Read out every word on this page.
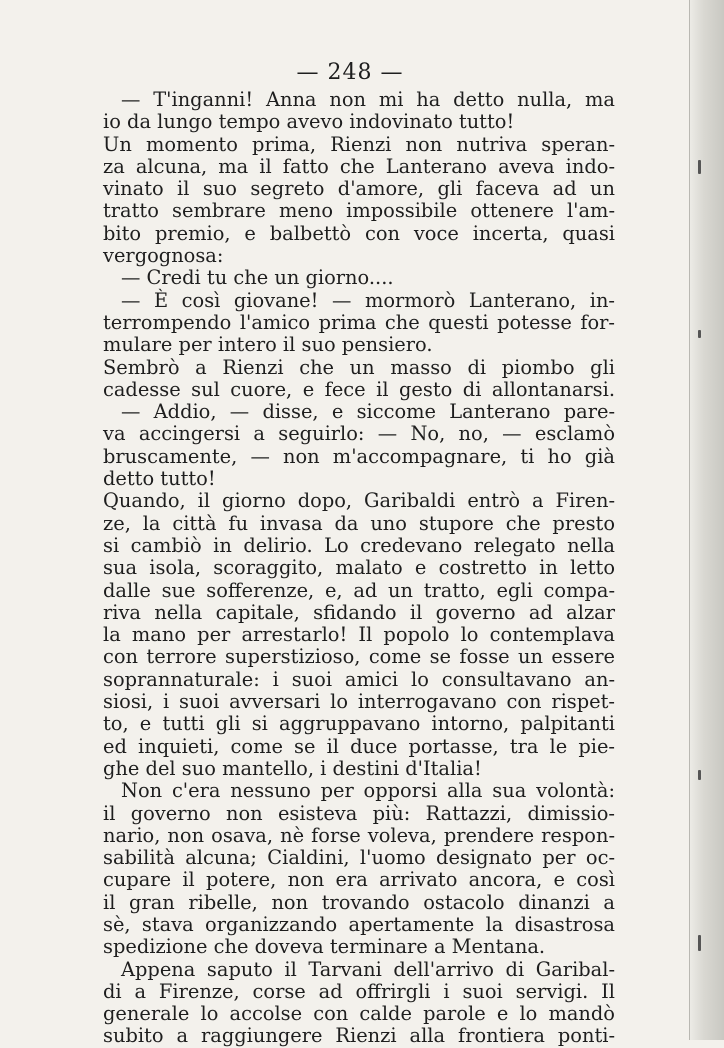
— 248 —
— T'inganni! Anna non mi ha detto nulla, ma
io da lungo tempo avevo indovinato tutto!
Un momento prima, Rienzi non nutriva speran-
za alcuna, ma il fatto che Lanterano aveva indo-
vinato il suo segreto d'amore, gli faceva ad un
tratto sembrare meno impossibile ottenere l'am-
bito premio, e balbettò con voce incerta, quasi
vergognosa:
— Credi tu che un giorno....
— È così giovane! — mormorò Lanterano, in-
terrompendo l'amico prima che questi potesse for-
mulare per intero il suo pensiero.
Sembrò a Rienzi che un masso di piombo gli
cadesse sul cuore, e fece il gesto di allontanarsi.
— Addio, — disse, e siccome Lanterano pare-
va accingersi a seguirlo: — No, no, — esclamò
bruscamente, — non m'accompagnare, ti ho già
detto tutto!
Quando, il giorno dopo, Garibaldi entrò a Firen-
ze, la città fu invasa da uno stupore che presto
si cambiò in delirio. Lo credevano relegato nella
sua isola, scoraggito, malato e costretto in letto
dalle sue sofferenze, e, ad un tratto, egli compa-
riva nella capitale, sfidando il governo ad alzar
la mano per arrestarlo! Il popolo lo contemplava
con terrore superstizioso, come se fosse un essere
soprannaturale: i suoi amici lo consultavano an-
siosi, i suoi avversari lo interrogavano con rispet-
to, e tutti gli si aggruppavano intorno, palpitanti
ed inquieti, come se il duce portasse, tra le pie-
ghe del suo mantello, i destini d'Italia!
Non c'era nessuno per opporsi alla sua volontà:
il governo non esisteva più: Rattazzi, dimissio-
nario, non osava, nè forse voleva, prendere respon-
sabilità alcuna; Cialdini, l'uomo designato per oc-
cupare il potere, non era arrivato ancora, e così
il gran ribelle, non trovando ostacolo dinanzi a
sè, stava organizzando apertamente la disastrosa
spedizione che doveva terminare a Mentana.
Appena saputo il Tarvani dell'arrivo di Garibal-
di a Firenze, corse ad offrirgli i suoi servigi. Il
generale lo accolse con calde parole e lo mandò
subito a raggiungere Rienzi alla frontiera ponti-
